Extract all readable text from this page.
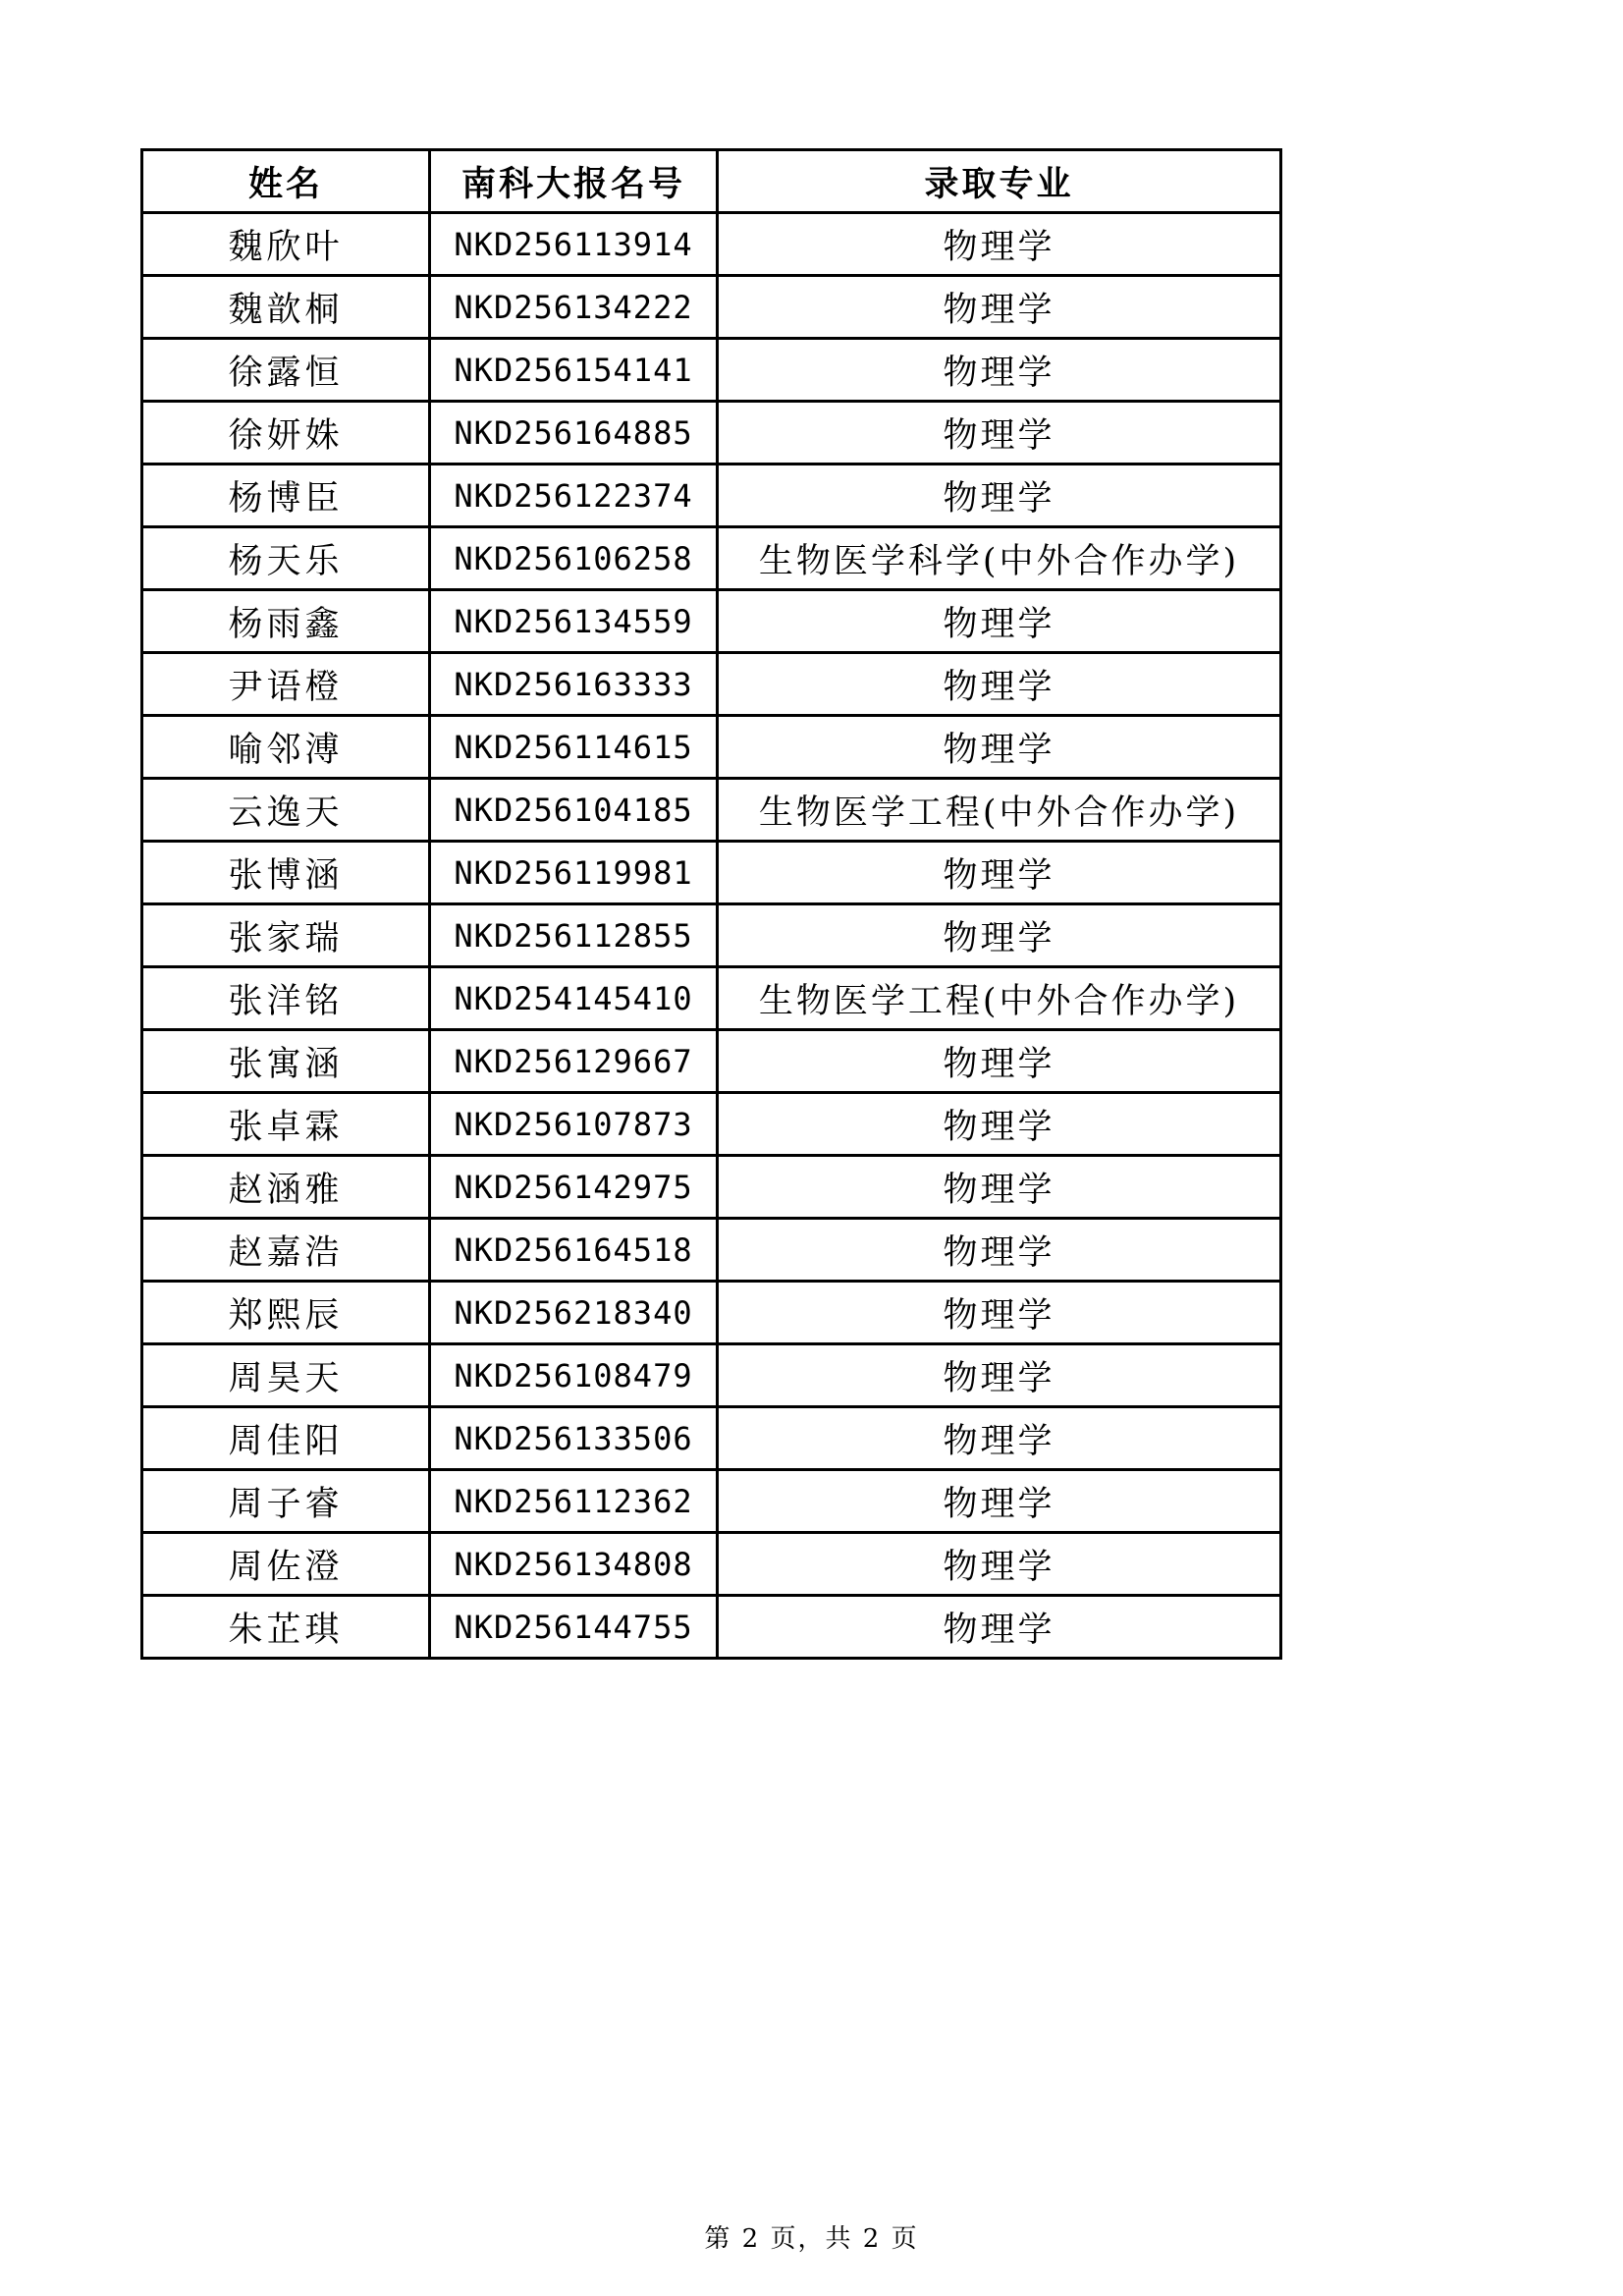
姓名	南科大报名号	录取专业
魏欣叶	NKD256113914	物理学
魏歆桐	NKD256134222	物理学
徐露恒	NKD256154141	物理学
徐妍姝	NKD256164885	物理学
杨博臣	NKD256122374	物理学
杨天乐	NKD256106258	生物医学科学(中外合作办学)
杨雨鑫	NKD256134559	物理学
尹语橙	NKD256163333	物理学
喻邻溥	NKD256114615	物理学
云逸天	NKD256104185	生物医学工程(中外合作办学)
张博涵	NKD256119981	物理学
张家瑞	NKD256112855	物理学
张洋铭	NKD254145410	生物医学工程(中外合作办学)
张寓涵	NKD256129667	物理学
张卓霖	NKD256107873	物理学
赵涵雅	NKD256142975	物理学
赵嘉浩	NKD256164518	物理学
郑熙辰	NKD256218340	物理学
周昊天	NKD256108479	物理学
周佳阳	NKD256133506	物理学
周子睿	NKD256112362	物理学
周佐澄	NKD256134808	物理学
朱芷琪	NKD256144755	物理学
第 2 页，共 2 页
